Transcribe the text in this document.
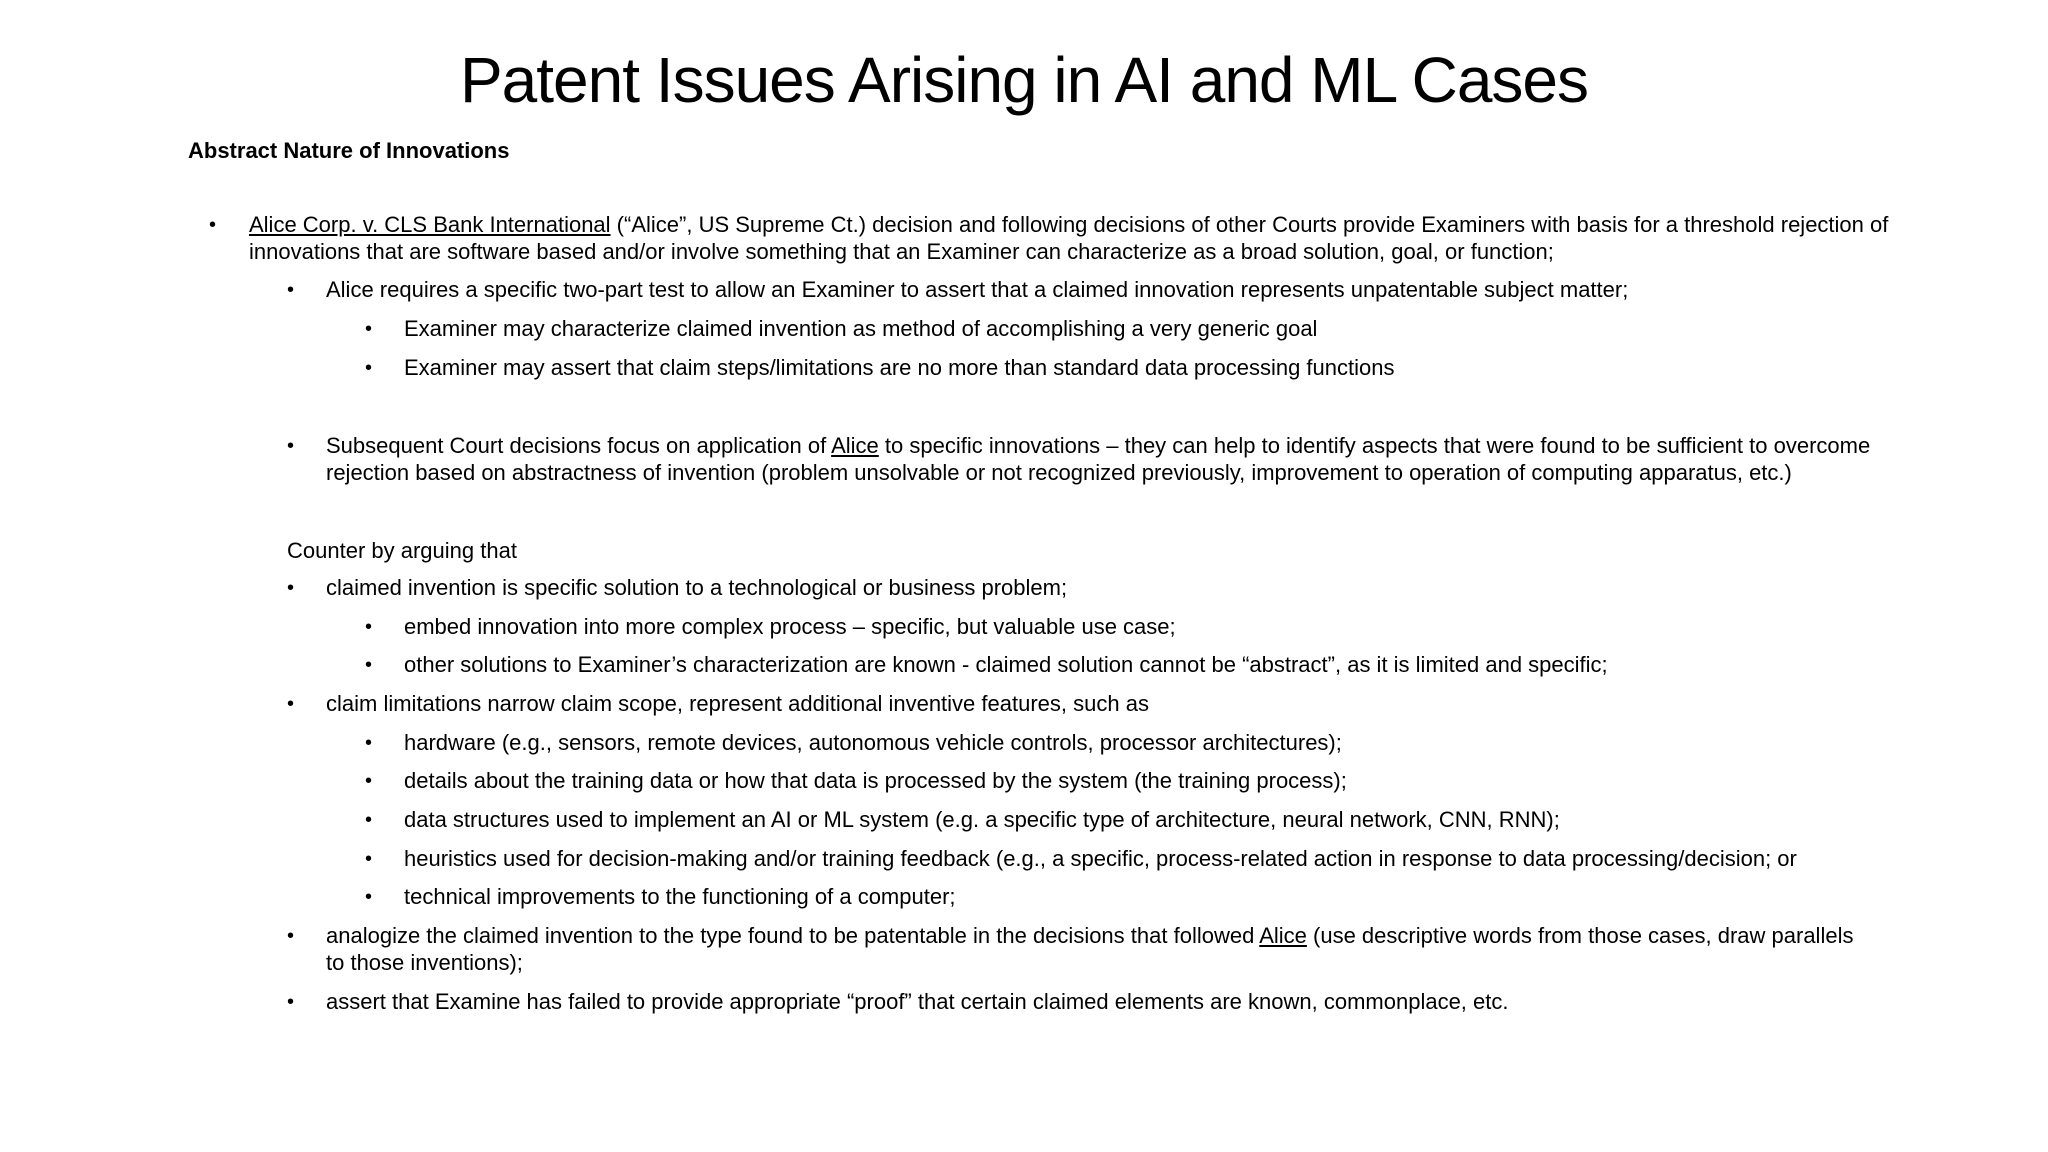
Patent Issues Arising in AI and ML Cases
Abstract Nature of Innovations
• Alice Corp. v. CLS Bank International (“Alice”, US Supreme Ct.) decision and following decisions of other Courts provide Examiners with basis for a threshold rejection of
innovations that are software based and/or involve something that an Examiner can characterize as a broad solution, goal, or function;
• Alice requires a specific two-part test to allow an Examiner to assert that a claimed innovation represents unpatentable subject matter;
• Examiner may characterize claimed invention as method of accomplishing a very generic goal
• Examiner may assert that claim steps/limitations are no more than standard data processing functions
• Subsequent Court decisions focus on application of Alice to specific innovations – they can help to identify aspects that were found to be sufficient to overcome
rejection based on abstractness of invention (problem unsolvable or not recognized previously, improvement to operation of computing apparatus, etc.)
Counter by arguing that
• claimed invention is specific solution to a technological or business problem;
• embed innovation into more complex process – specific, but valuable use case;
• other solutions to Examiner’s characterization are known - claimed solution cannot be “abstract”, as it is limited and specific;
• claim limitations narrow claim scope, represent additional inventive features, such as
• hardware (e.g., sensors, remote devices, autonomous vehicle controls, processor architectures);
• details about the training data or how that data is processed by the system (the training process);
• data structures used to implement an AI or ML system (e.g. a specific type of architecture, neural network, CNN, RNN);
• heuristics used for decision-making and/or training feedback (e.g., a specific, process-related action in response to data processing/decision; or
• technical improvements to the functioning of a computer;
• analogize the claimed invention to the type found to be patentable in the decisions that followed Alice (use descriptive words from those cases, draw parallels
to those inventions);
• assert that Examine has failed to provide appropriate “proof” that certain claimed elements are known, commonplace, etc.
